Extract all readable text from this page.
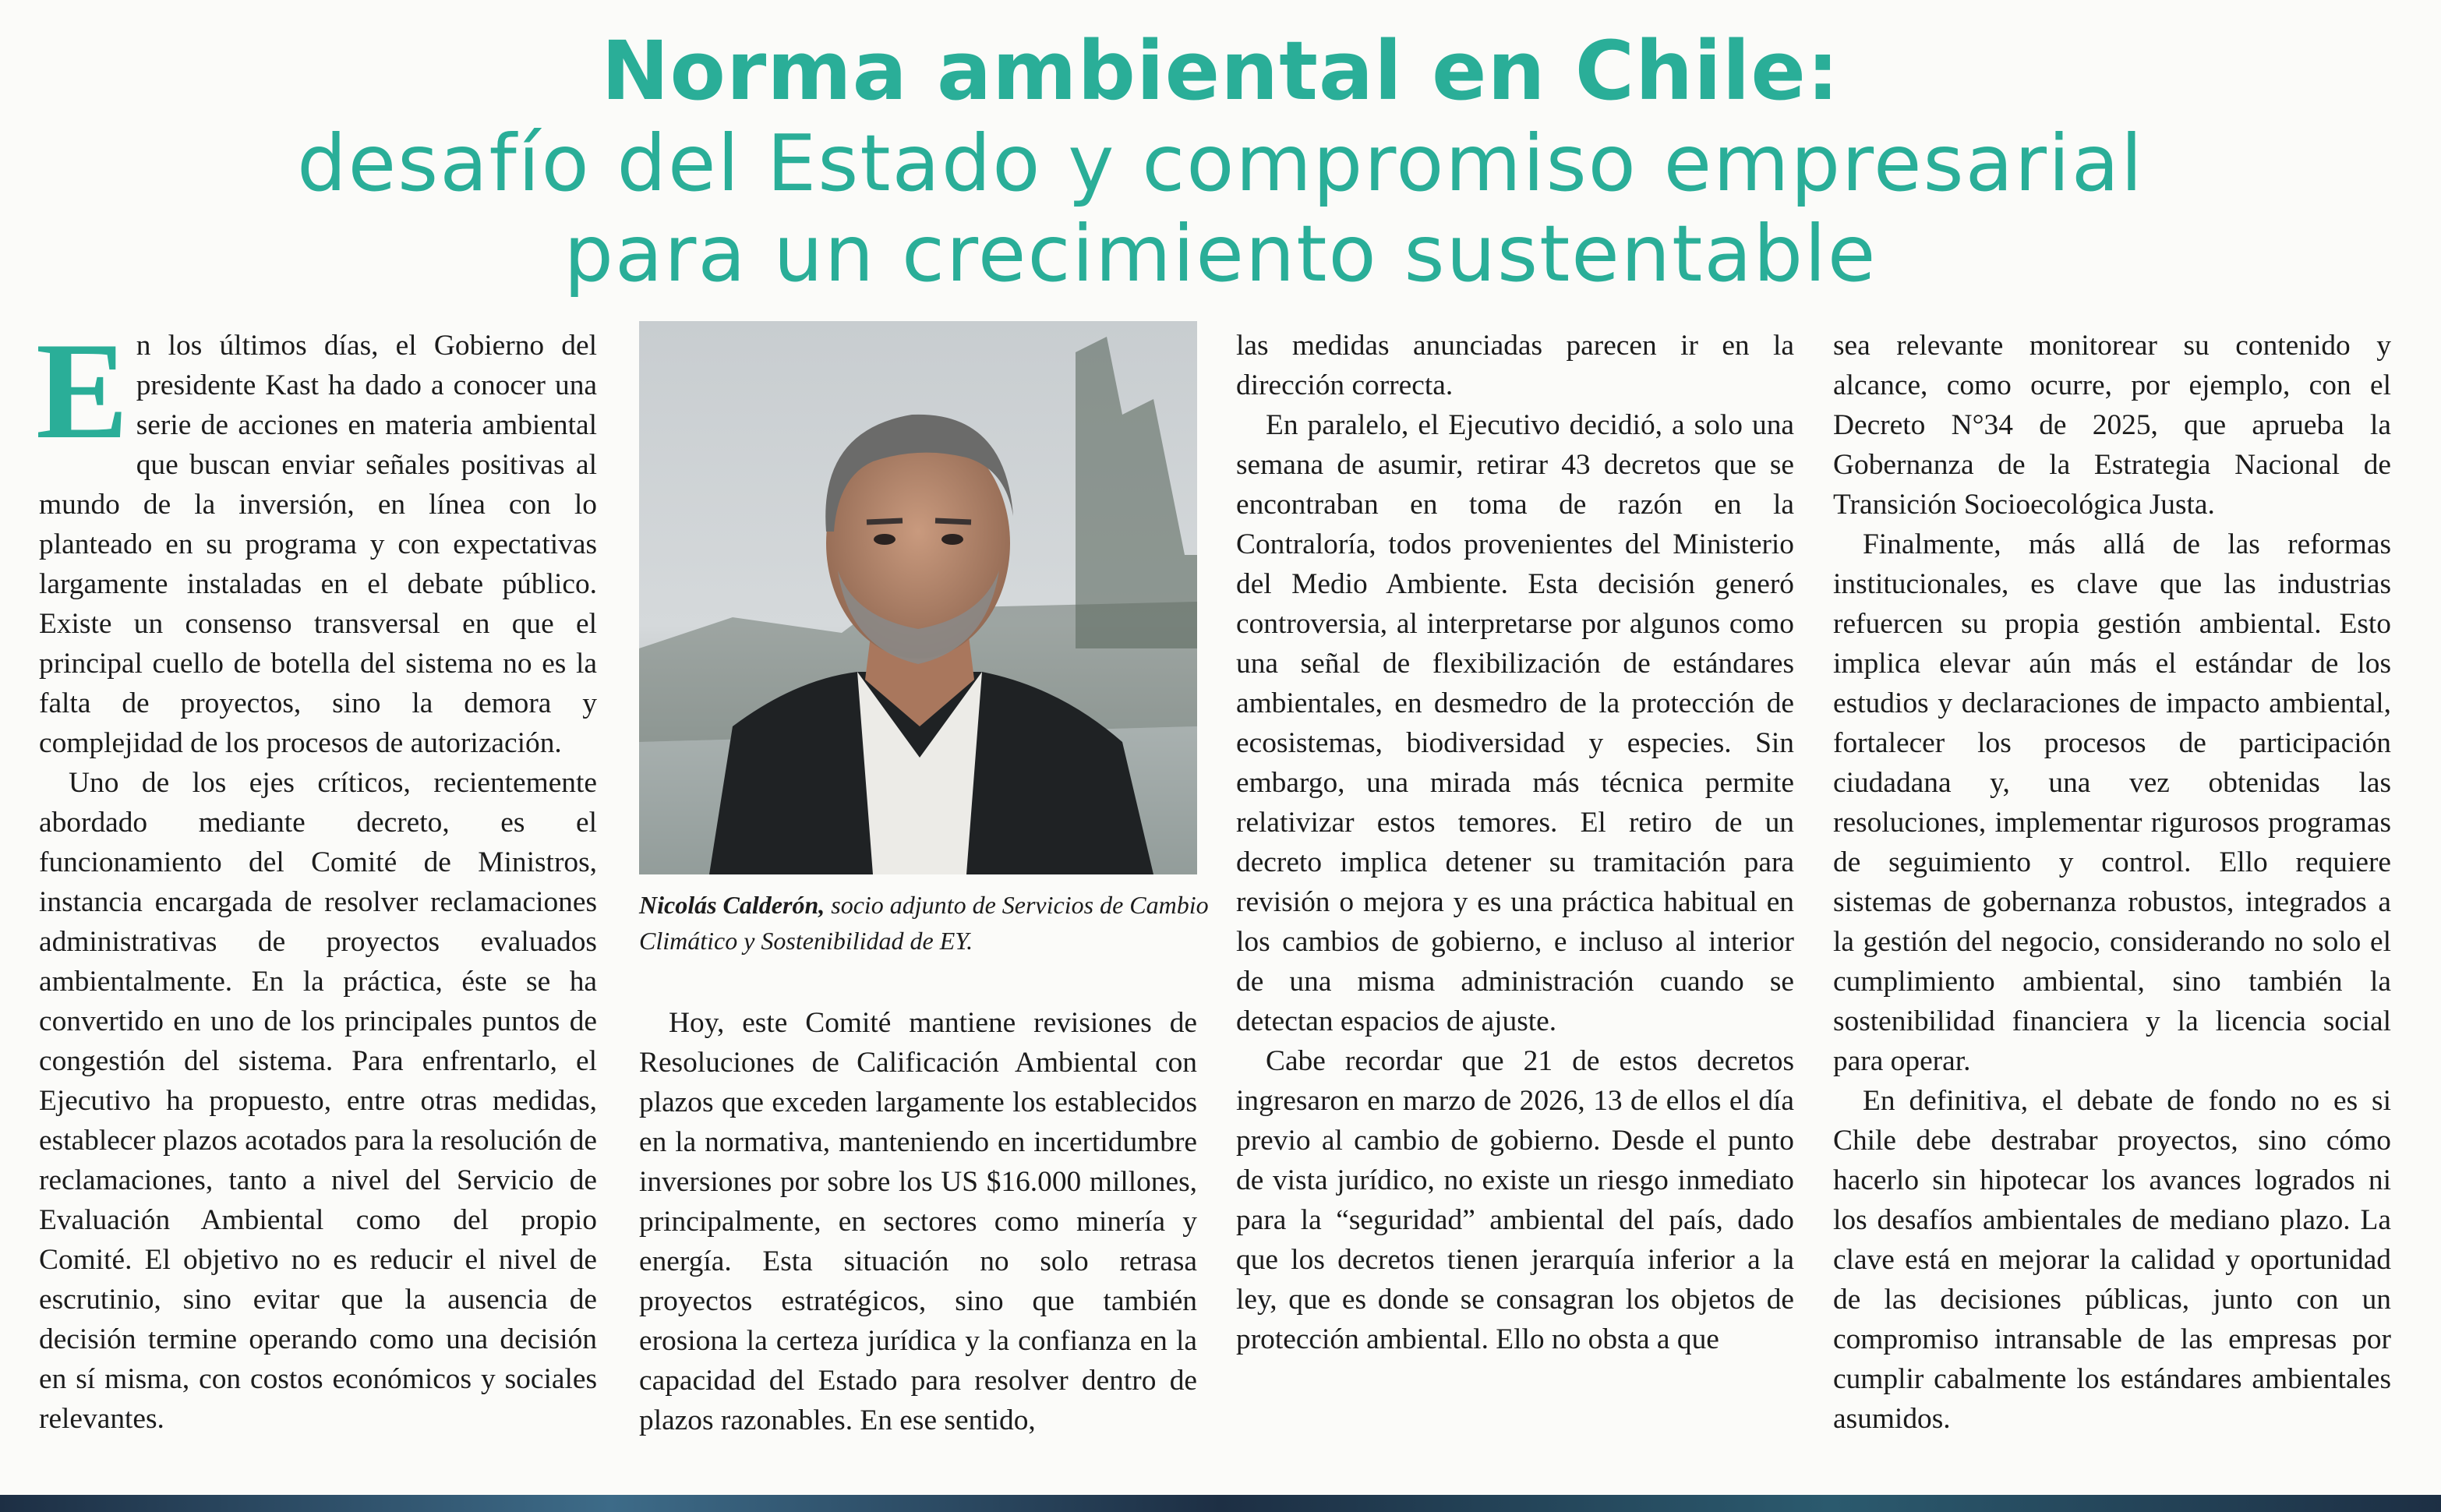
Norma ambiental en Chile:
desafío del Estado y compromiso empresarial
para un crecimiento sustentable

En los últimos días, el Gobierno del presidente Kast ha dado a conocer una serie de acciones en materia ambiental que buscan enviar señales positivas al mundo de la inversión, en línea con lo planteado en su programa y con expectativas largamente instaladas en el debate público. Existe un consenso transversal en que el principal cuello de botella del sistema no es la falta de proyectos, sino la demora y complejidad de los procesos de autorización.

Uno de los ejes críticos, recientemente abordado mediante decreto, es el funcionamiento del Comité de Ministros, instancia encargada de resolver reclamaciones administrativas de proyectos evaluados ambientalmente. En la práctica, éste se ha convertido en uno de los principales puntos de congestión del sistema. Para enfrentarlo, el Ejecutivo ha propuesto, entre otras medidas, establecer plazos acotados para la resolución de reclamaciones, tanto a nivel del Servicio de Evaluación Ambiental como del propio Comité. El objetivo no es reducir el nivel de escrutinio, sino evitar que la ausencia de decisión termine operando como una decisión en sí misma, con costos económicos y sociales relevantes.

Nicolás Calderón, socio adjunto de Servicios de Cambio Climático y Sostenibilidad de EY.

Hoy, este Comité mantiene revisiones de Resoluciones de Calificación Ambiental con plazos que exceden largamente los establecidos en la normativa, manteniendo en incertidumbre inversiones por sobre los US $16.000 millones, principalmente, en sectores como minería y energía. Esta situación no solo retrasa proyectos estratégicos, sino que también erosiona la certeza jurídica y la confianza en la capacidad del Estado para resolver dentro de plazos razonables. En ese sentido,

las medidas anunciadas parecen ir en la dirección correcta.

En paralelo, el Ejecutivo decidió, a solo una semana de asumir, retirar 43 decretos que se encontraban en toma de razón en la Contraloría, todos provenientes del Ministerio del Medio Ambiente. Esta decisión generó controversia, al interpretarse por algunos como una señal de flexibilización de estándares ambientales, en desmedro de la protección de ecosistemas, biodiversidad y especies. Sin embargo, una mirada más técnica permite relativizar estos temores. El retiro de un decreto implica detener su tramitación para revisión o mejora y es una práctica habitual en los cambios de gobierno, e incluso al interior de una misma administración cuando se detectan espacios de ajuste.

Cabe recordar que 21 de estos decretos ingresaron en marzo de 2026, 13 de ellos el día previo al cambio de gobierno. Desde el punto de vista jurídico, no existe un riesgo inmediato para la “seguridad” ambiental del país, dado que los decretos tienen jerarquía inferior a la ley, que es donde se consagran los objetos de protección ambiental. Ello no obsta a que

sea relevante monitorear su contenido y alcance, como ocurre, por ejemplo, con el Decreto N°34 de 2025, que aprueba la Gobernanza de la Estrategia Nacional de Transición Socioecológica Justa.

Finalmente, más allá de las reformas institucionales, es clave que las industrias refuercen su propia gestión ambiental. Esto implica elevar aún más el estándar de los estudios y declaraciones de impacto ambiental, fortalecer los procesos de participación ciudadana y, una vez obtenidas las resoluciones, implementar rigurosos programas de seguimiento y control. Ello requiere sistemas de gobernanza robustos, integrados a la gestión del negocio, considerando no solo el cumplimiento ambiental, sino también la sostenibilidad financiera y la licencia social para operar.

En definitiva, el debate de fondo no es si Chile debe destrabar proyectos, sino cómo hacerlo sin hipotecar los avances logrados ni los desafíos ambientales de mediano plazo. La clave está en mejorar la calidad y oportunidad de las decisiones públicas, junto con un compromiso intransable de las empresas por cumplir cabalmente los estándares ambientales asumidos.
